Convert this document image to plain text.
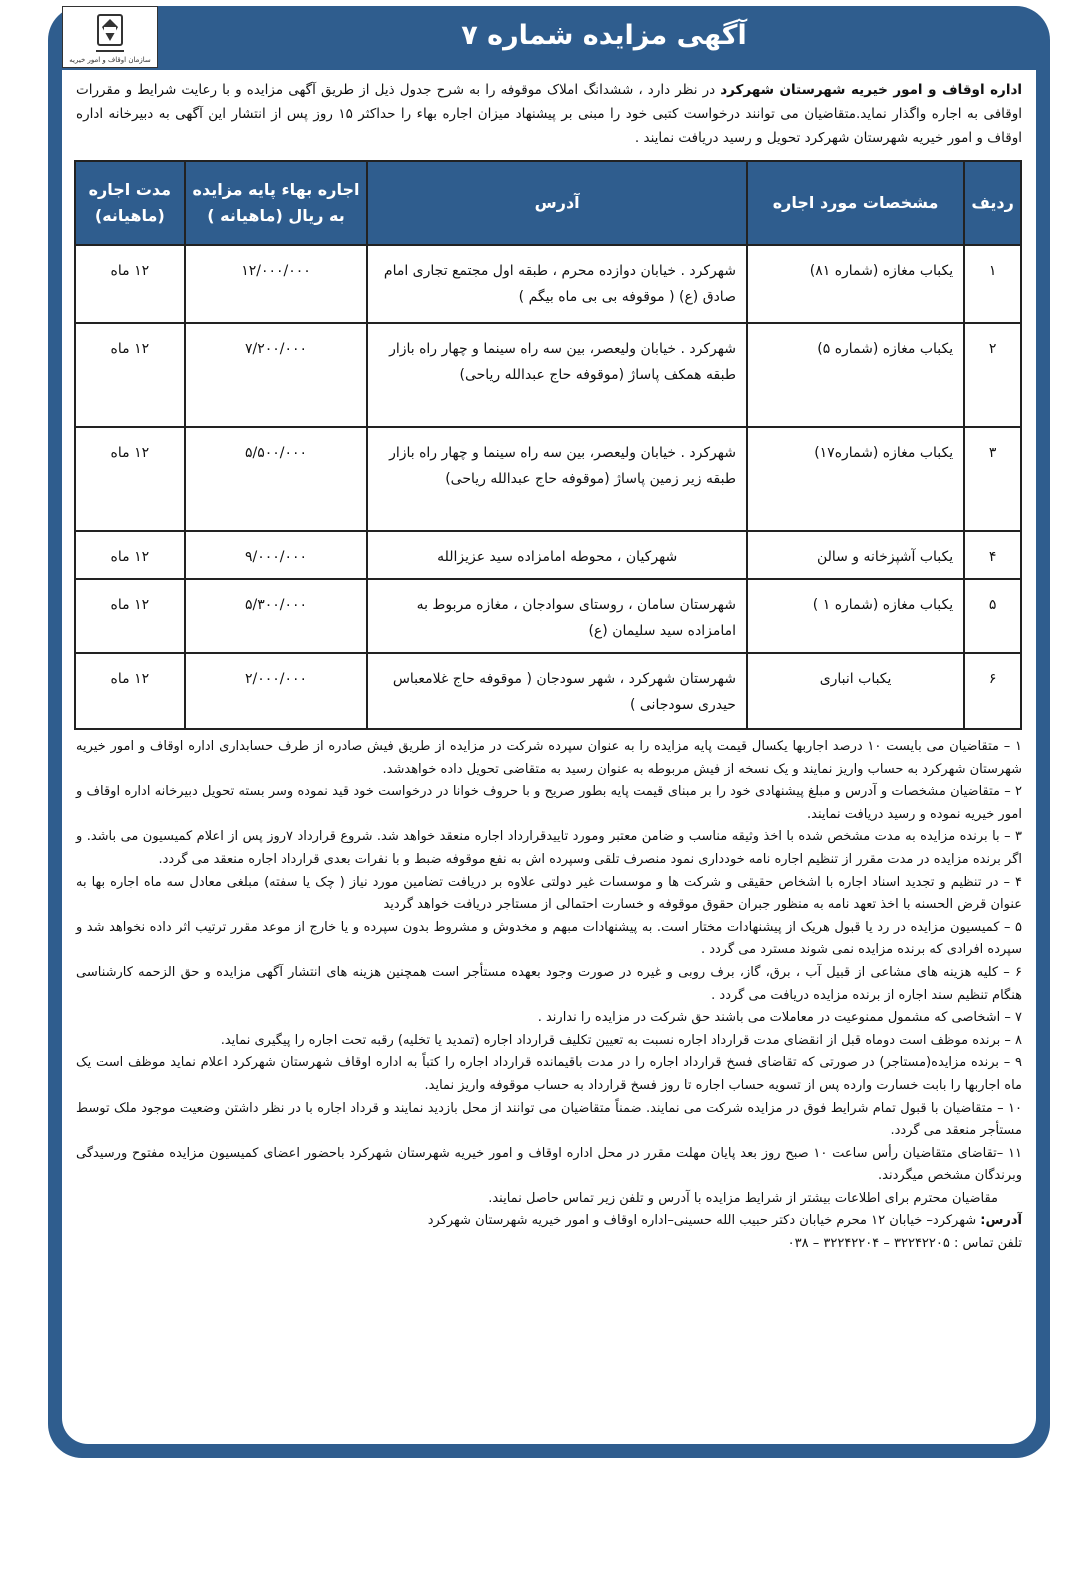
سازمان اوقاف و امور خیریه
آگهی مزایده شماره ۷

اداره اوقاف و امور خیریه شهرستان شهرکرد در نظر دارد ، ششدانگ املاک موقوفه را به شرح جدول ذیل از طریق آگهی مزایده و با رعایت شرایط و مقررات اوقافی به اجاره واگذار نماید.متقاضیان می توانند درخواست کتبی خود را مبنی بر پیشنهاد میزان اجاره بهاء را حداکثر ۱۵ روز پس از انتشار این آگهی به دبیرخانه اداره اوقاف و امور خیریه شهرستان شهرکرد تحویل و رسید دریافت نمایند .

ردیف	مشخصات مورد اجاره	آدرس	اجاره بهاء پایه مزایده به ریال (ماهیانه )	مدت اجاره (ماهیانه)
۱	یکباب مغازه (شماره ۸۱)	شهرکرد . خیابان دوازده محرم ، طبقه اول مجتمع تجاری امام صادق (ع) ( موقوفه بی بی ماه بیگم )	۱۲/۰۰۰/۰۰۰	۱۲ ماه
۲	یکباب مغازه (شماره ۵)	شهرکرد . خیابان ولیعصر، بین سه راه سینما و چهار راه بازار طبقه همکف پاساژ (موقوفه حاج عبدالله ریاحی)	۷/۲۰۰/۰۰۰	۱۲ ماه
۳	یکباب مغازه (شماره۱۷)	شهرکرد . خیابان ولیعصر، بین سه راه سینما و چهار راه بازار طبقه زیر زمین پاساژ (موقوفه حاج عبدالله ریاحی)	۵/۵۰۰/۰۰۰	۱۲ ماه
۴	یکباب آشپزخانه و سالن	شهرکیان ، محوطه امامزاده سید عزیزالله	۹/۰۰۰/۰۰۰	۱۲ ماه
۵	یکباب مغازه (شماره ۱ )	شهرستان سامان ، روستای سوادجان ، مغازه مربوط به امامزاده سید سلیمان (ع)	۵/۳۰۰/۰۰۰	۱۲ ماه
۶	یکباب انباری	شهرستان شهرکرد ، شهر سودجان ( موقوفه حاج غلامعباس حیدری سودجانی )	۲/۰۰۰/۰۰۰	۱۲ ماه

۱ – متقاضیان می بایست ۱۰ درصد اجاربها یکسال قیمت پایه مزایده را به عنوان سپرده شرکت در مزایده از طریق فیش صادره از طرف حسابداری اداره اوقاف و امور خیریه شهرستان شهرکرد به حساب واریز نمایند و یک نسخه از فیش مربوطه به عنوان رسید به متقاضی تحویل داده خواهدشد.

۲ – متقاضیان مشخصات و آدرس و مبلغ پیشنهادی خود را بر مبنای قیمت پایه بطور صریح و با حروف خوانا در درخواست خود قید نموده وسر بسته تحویل دبیرخانه اداره اوقاف و امور خیریه نموده و رسید دریافت نمایند.

۳ – با برنده مزایده به مدت مشخص شده با اخذ وثیقه مناسب و ضامن معتبر ومورد تاییدقرارداد اجاره منعقد خواهد شد. شروع قرارداد ۷روز پس از اعلام کمیسیون می باشد. و اگر برنده مزایده در مدت مقرر از تنظیم اجاره نامه خودداری نمود منصرف تلقی وسپرده اش به نفع موقوفه ضبط و با نفرات بعدی قرارداد اجاره منعقد می گردد.

۴ – در تنظیم و تجدید اسناد اجاره با اشخاص حقیقی و شرکت ها و موسسات غیر دولتی علاوه بر دریافت تضامین مورد نیاز ( چک یا سفته) مبلغی معادل سه ماه اجاره بها به عنوان قرض الحسنه با اخذ تعهد نامه به منظور جبران حقوق موقوفه و خسارت احتمالی از مستاجر دریافت خواهد گردید

۵ – کمیسیون مزایده در رد یا قبول هریک از پیشنهادات مختار است. به پیشنهادات مبهم و مخدوش و مشروط بدون سپرده و یا خارج از موعد مقرر ترتیب اثر داده نخواهد شد و سپرده افرادی که برنده مزایده نمی شوند مسترد می گردد .

۶ – کلیه هزینه های مشاعی از قبیل آب ، برق، گاز، برف روبی و غیره در صورت وجود بعهده مستأجر است همچنین هزینه های انتشار آگهی مزایده و حق الزحمه کارشناسی هنگام تنظیم سند اجاره از برنده مزایده دریافت می گردد .

۷ – اشخاصی که مشمول ممنوعیت در معاملات می باشند حق شرکت در مزایده را ندارند .

۸ – برنده موظف است دوماه قبل از انقضای مدت قرارداد اجاره نسبت به تعیین تکلیف قرارداد اجاره (تمدید یا تخلیه) رقبه تحت اجاره را پیگیری نماید.

۹ – برنده مزایده(مستاجر) در صورتی که تقاضای فسخ قرارداد اجاره را در مدت باقیمانده قرارداد اجاره را کتباً به اداره اوقاف شهرستان شهرکرد اعلام نماید موظف است یک ماه اجاربها را بابت خسارت وارده پس از تسویه حساب اجاره تا روز فسخ قرارداد به حساب موقوفه واریز نماید.

۱۰ – متقاضیان با قبول تمام شرایط فوق در مزایده شرکت می نمایند. ضمناً متقاضیان می توانند از محل بازدید نمایند و قرداد اجاره با در نظر داشتن وضعیت موجود ملک توسط مستأجر منعقد می گردد.

۱۱ –تقاضای متقاضیان رأس ساعت ۱۰ صبح روز بعد پایان مهلت مقرر در محل اداره اوقاف و امور خیریه شهرستان شهرکرد باحضور اعضای کمیسیون مزایده مفتوح ورسیدگی وبرندگان مشخص میگردند.

مقاضیان محترم برای اطلاعات بیشتر از شرایط مزایده با آدرس و تلفن زیر تماس حاصل نمایند.

آدرس: شهرکرد– خیابان ۱۲ محرم خیابان دکتر حبیب الله حسینی–اداره اوقاف و امور خیریه شهرستان شهرکرد

تلفن تماس : ۳۲۲۴۲۲۰۵ – ۳۲۲۴۲۲۰۴ – ۰۳۸
